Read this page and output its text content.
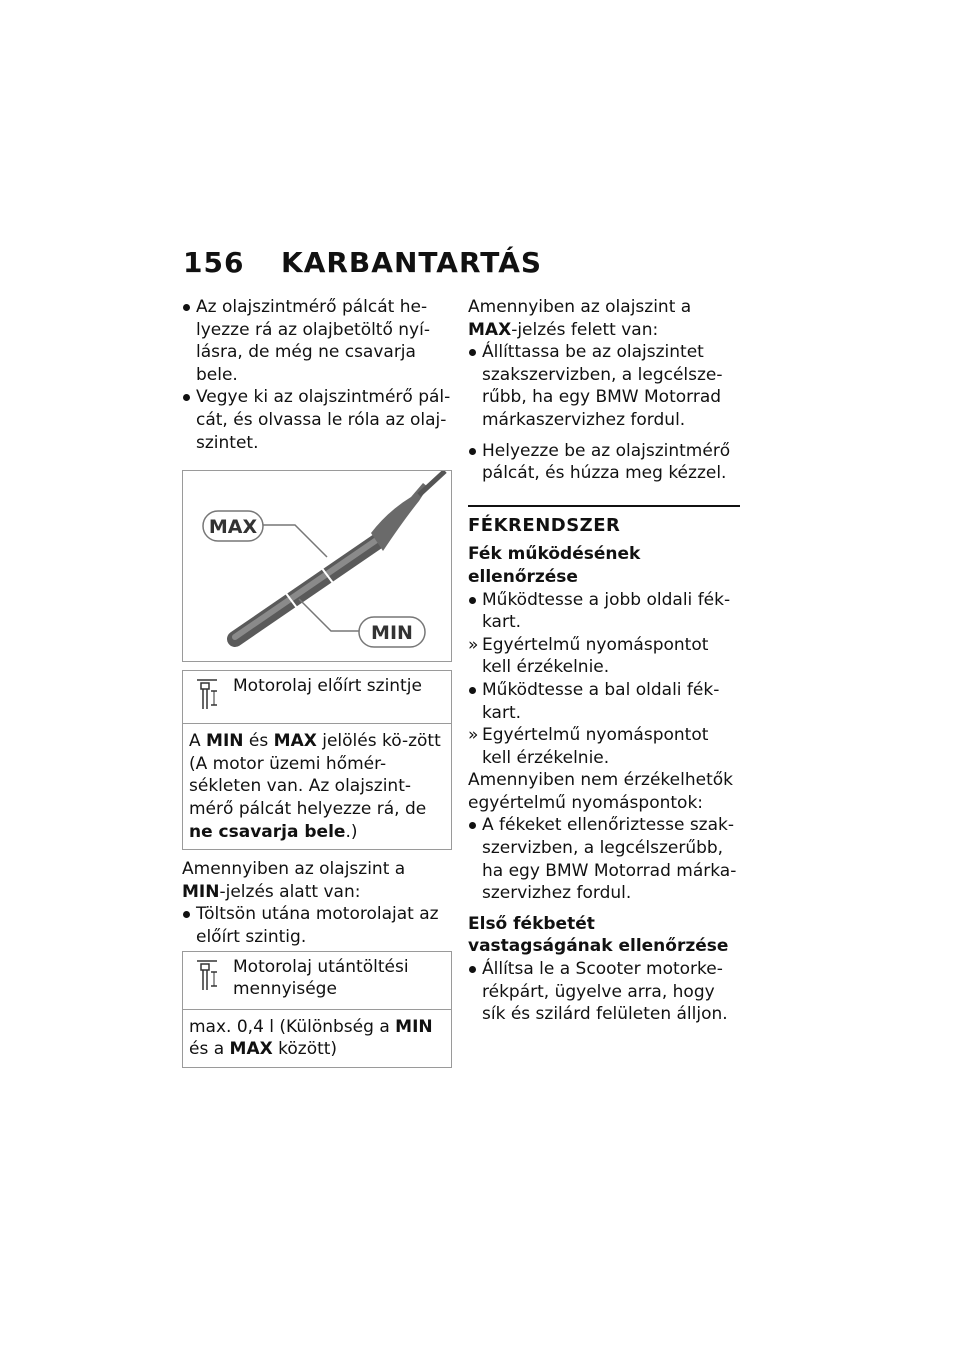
156 KARBANTARTÁS

Az olajszintmérő pálcát he-lyezze rá az olajbetöltő nyí-lásra, de még ne csavarja bele.

Vegye ki az olajszintmérő pál-cát, és olvassa le róla az olaj-szintet.

MAX
MIN
Motorolaj előírt szintje
A MIN és MAX jelölés kö-zött (A motor üzemi hőmér-sékleten van. Az olajszint-mérő pálcát helyezze rá, de ne csavarja bele.)

Amennyiben az olajszint a
MIN-jelzés alatt van:

Töltsön utána motorolajat az előírt szintig.

Motorolaj utántöltési mennyisége
max. 0,4 l (Különbség a MIN és a MAX között)

Amennyiben az olajszint a
MAX-jelzés felett van:

Állíttassa be az olajszintet szakszervizben, a legcélsze-rűbb, ha egy BMW Motorrad márkaszervizhez fordul.

Helyezze be az olajszintmérő pálcát, és húzza meg kézzel.

FÉKRENDSZER

Fék működésének ellenőrzése

Működtesse a jobb oldali fék-kart.

» Egyértelmű nyomáspontot kell érzékelnie.

Működtesse a bal oldali fék-kart.

» Egyértelmű nyomáspontot kell érzékelnie.

Amennyiben nem érzékelhetők egyértelmű nyomáspontok:

A fékeket ellenőriztesse szak-szervizben, a legcélszerűbb, ha egy BMW Motorrad márka-szervizhez fordul.

Első fékbetét vastagságának ellenőrzése

Állítsa le a Scooter motorke-rékpárt, ügyelve arra, hogy sík és szilárd felületen álljon.
